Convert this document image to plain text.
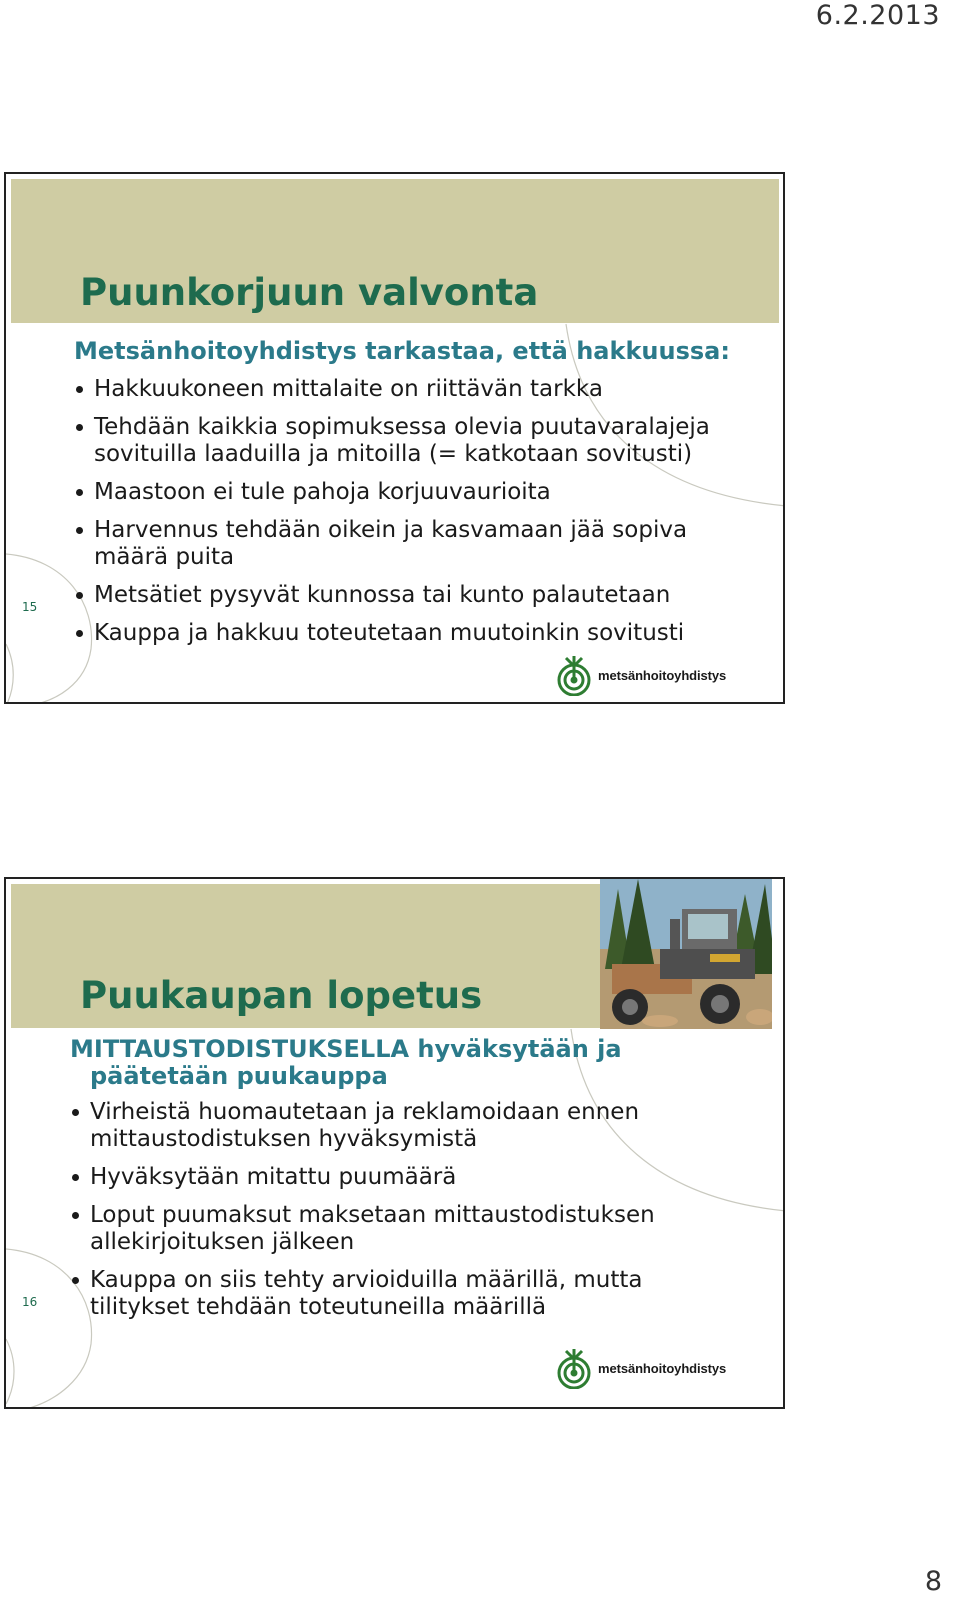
6.2.2013
Puunkorjuun valvonta

Metsänhoitoyhdistys tarkastaa, että hakkuussa:

Hakkuukoneen mittalaite on riittävän tarkka
Tehdään kaikkia sopimuksessa olevia puutavaralajeja
sovituilla laaduilla ja mitoilla (= katkotaan sovitusti)
Maastoon ei tule pahoja korjuuvaurioita
Harvennus tehdään oikein ja kasvamaan jää sopiva
määrä puita
Metsätiet pysyvät kunnossa tai kunto palautetaan
Kauppa ja hakkuu toteutetaan muutoinkin sovitusti
15
metsänhoitoyhdistys
Puukaupan lopetus

MITTAUSTODISTUKSELLA hyväksytään ja
päätetään puukauppa

Virheistä huomautetaan ja reklamoidaan ennen
mittaustodistuksen hyväksymistä
Hyväksytään mitattu puumäärä
Loput puumaksut maksetaan mittaustodistuksen
allekirjoituksen jälkeen
Kauppa on siis tehty arvioiduilla määrillä, mutta
tilitykset tehdään toteutuneilla määrillä
16
metsänhoitoyhdistys
8
